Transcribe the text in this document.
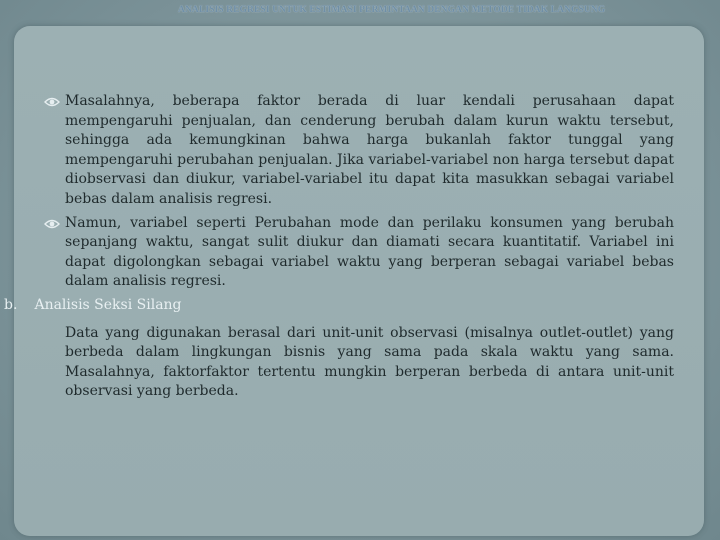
ANALISIS REGRESI UNTUK ESTIMASI PERMINTAAN DENGAN METODE TIDAK LANGSUNG
Masalahnya, beberapa faktor berada di luar kendali perusahaan dapat mempengaruhi penjualan, dan cenderung berubah dalam kurun waktu tersebut, sehingga ada kemungkinan bahwa harga bukanlah faktor tunggal yang mempengaruhi perubahan penjualan. Jika variabel-variabel non harga tersebut dapat diobservasi dan diukur, variabel-variabel itu dapat kita masukkan sebagai variabel bebas dalam analisis regresi.
Namun, variabel seperti Perubahan mode dan perilaku konsumen yang berubah sepanjang waktu, sangat sulit diukur dan diamati secara kuantitatif. Variabel ini dapat digolongkan sebagai variabel waktu yang berperan sebagai variabel bebas dalam analisis regresi.
b. Analisis Seksi Silang
Data yang digunakan berasal dari unit-unit observasi (misalnya outlet-outlet) yang berbeda dalam lingkungan bisnis yang sama pada skala waktu yang sama. Masalahnya, faktorfaktor tertentu mungkin berperan berbeda di antara unit-unit observasi yang berbeda.
